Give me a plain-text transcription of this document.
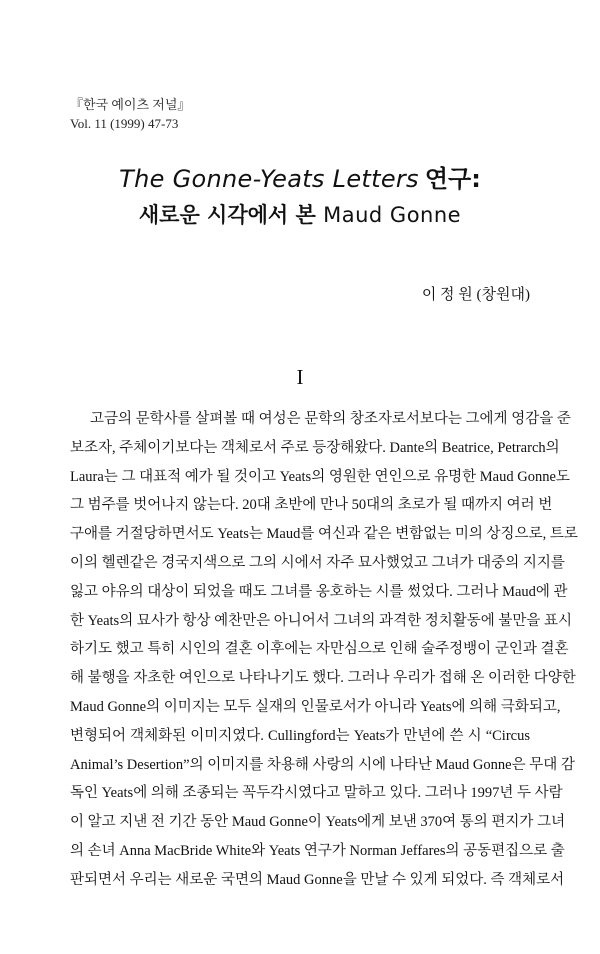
『한국 예이츠 저널』
Vol. 11 (1999) 47-73
The Gonne-Yeats Letters 연구:
새로운 시각에서 본 Maud Gonne
이 정 원 (창원대)
I
고금의 문학사를 살펴볼 때 여성은 문학의 창조자로서보다는 그에게 영감을 준
보조자, 주체이기보다는 객체로서 주로 등장해왔다. Dante의 Beatrice, Petrarch의
Laura는 그 대표적 예가 될 것이고 Yeats의 영원한 연인으로 유명한 Maud Gonne도
그 범주를 벗어나지 않는다. 20대 초반에 만나 50대의 초로가 될 때까지 여러 번
구애를 거절당하면서도 Yeats는 Maud를 여신과 같은 변함없는 미의 상징으로, 트로
이의 헬렌같은 경국지색으로 그의 시에서 자주 묘사했었고 그녀가 대중의 지지를
잃고 야유의 대상이 되었을 때도 그녀를 옹호하는 시를 썼었다. 그러나 Maud에 관
한 Yeats의 묘사가 항상 예찬만은 아니어서 그녀의 과격한 정치활동에 불만을 표시
하기도 했고 특히 시인의 결혼 이후에는 자만심으로 인해 술주정뱅이 군인과 결혼
해 불행을 자초한 여인으로 나타나기도 했다. 그러나 우리가 접해 온 이러한 다양한
Maud Gonne의 이미지는 모두 실재의 인물로서가 아니라 Yeats에 의해 극화되고,
변형되어 객체화된 이미지였다. Cullingford는 Yeats가 만년에 쓴 시 “Circus
Animal’s Desertion”의 이미지를 차용해 사랑의 시에 나타난 Maud Gonne은 무대 감
독인 Yeats에 의해 조종되는 꼭두각시였다고 말하고 있다. 그러나 1997년 두 사람
이 알고 지낸 전 기간 동안 Maud Gonne이 Yeats에게 보낸 370여 통의 편지가 그녀
의 손녀 Anna MacBride White와 Yeats 연구가 Norman Jeffares의 공동편집으로 출
판되면서 우리는 새로운 국면의 Maud Gonne을 만날 수 있게 되었다. 즉 객체로서
